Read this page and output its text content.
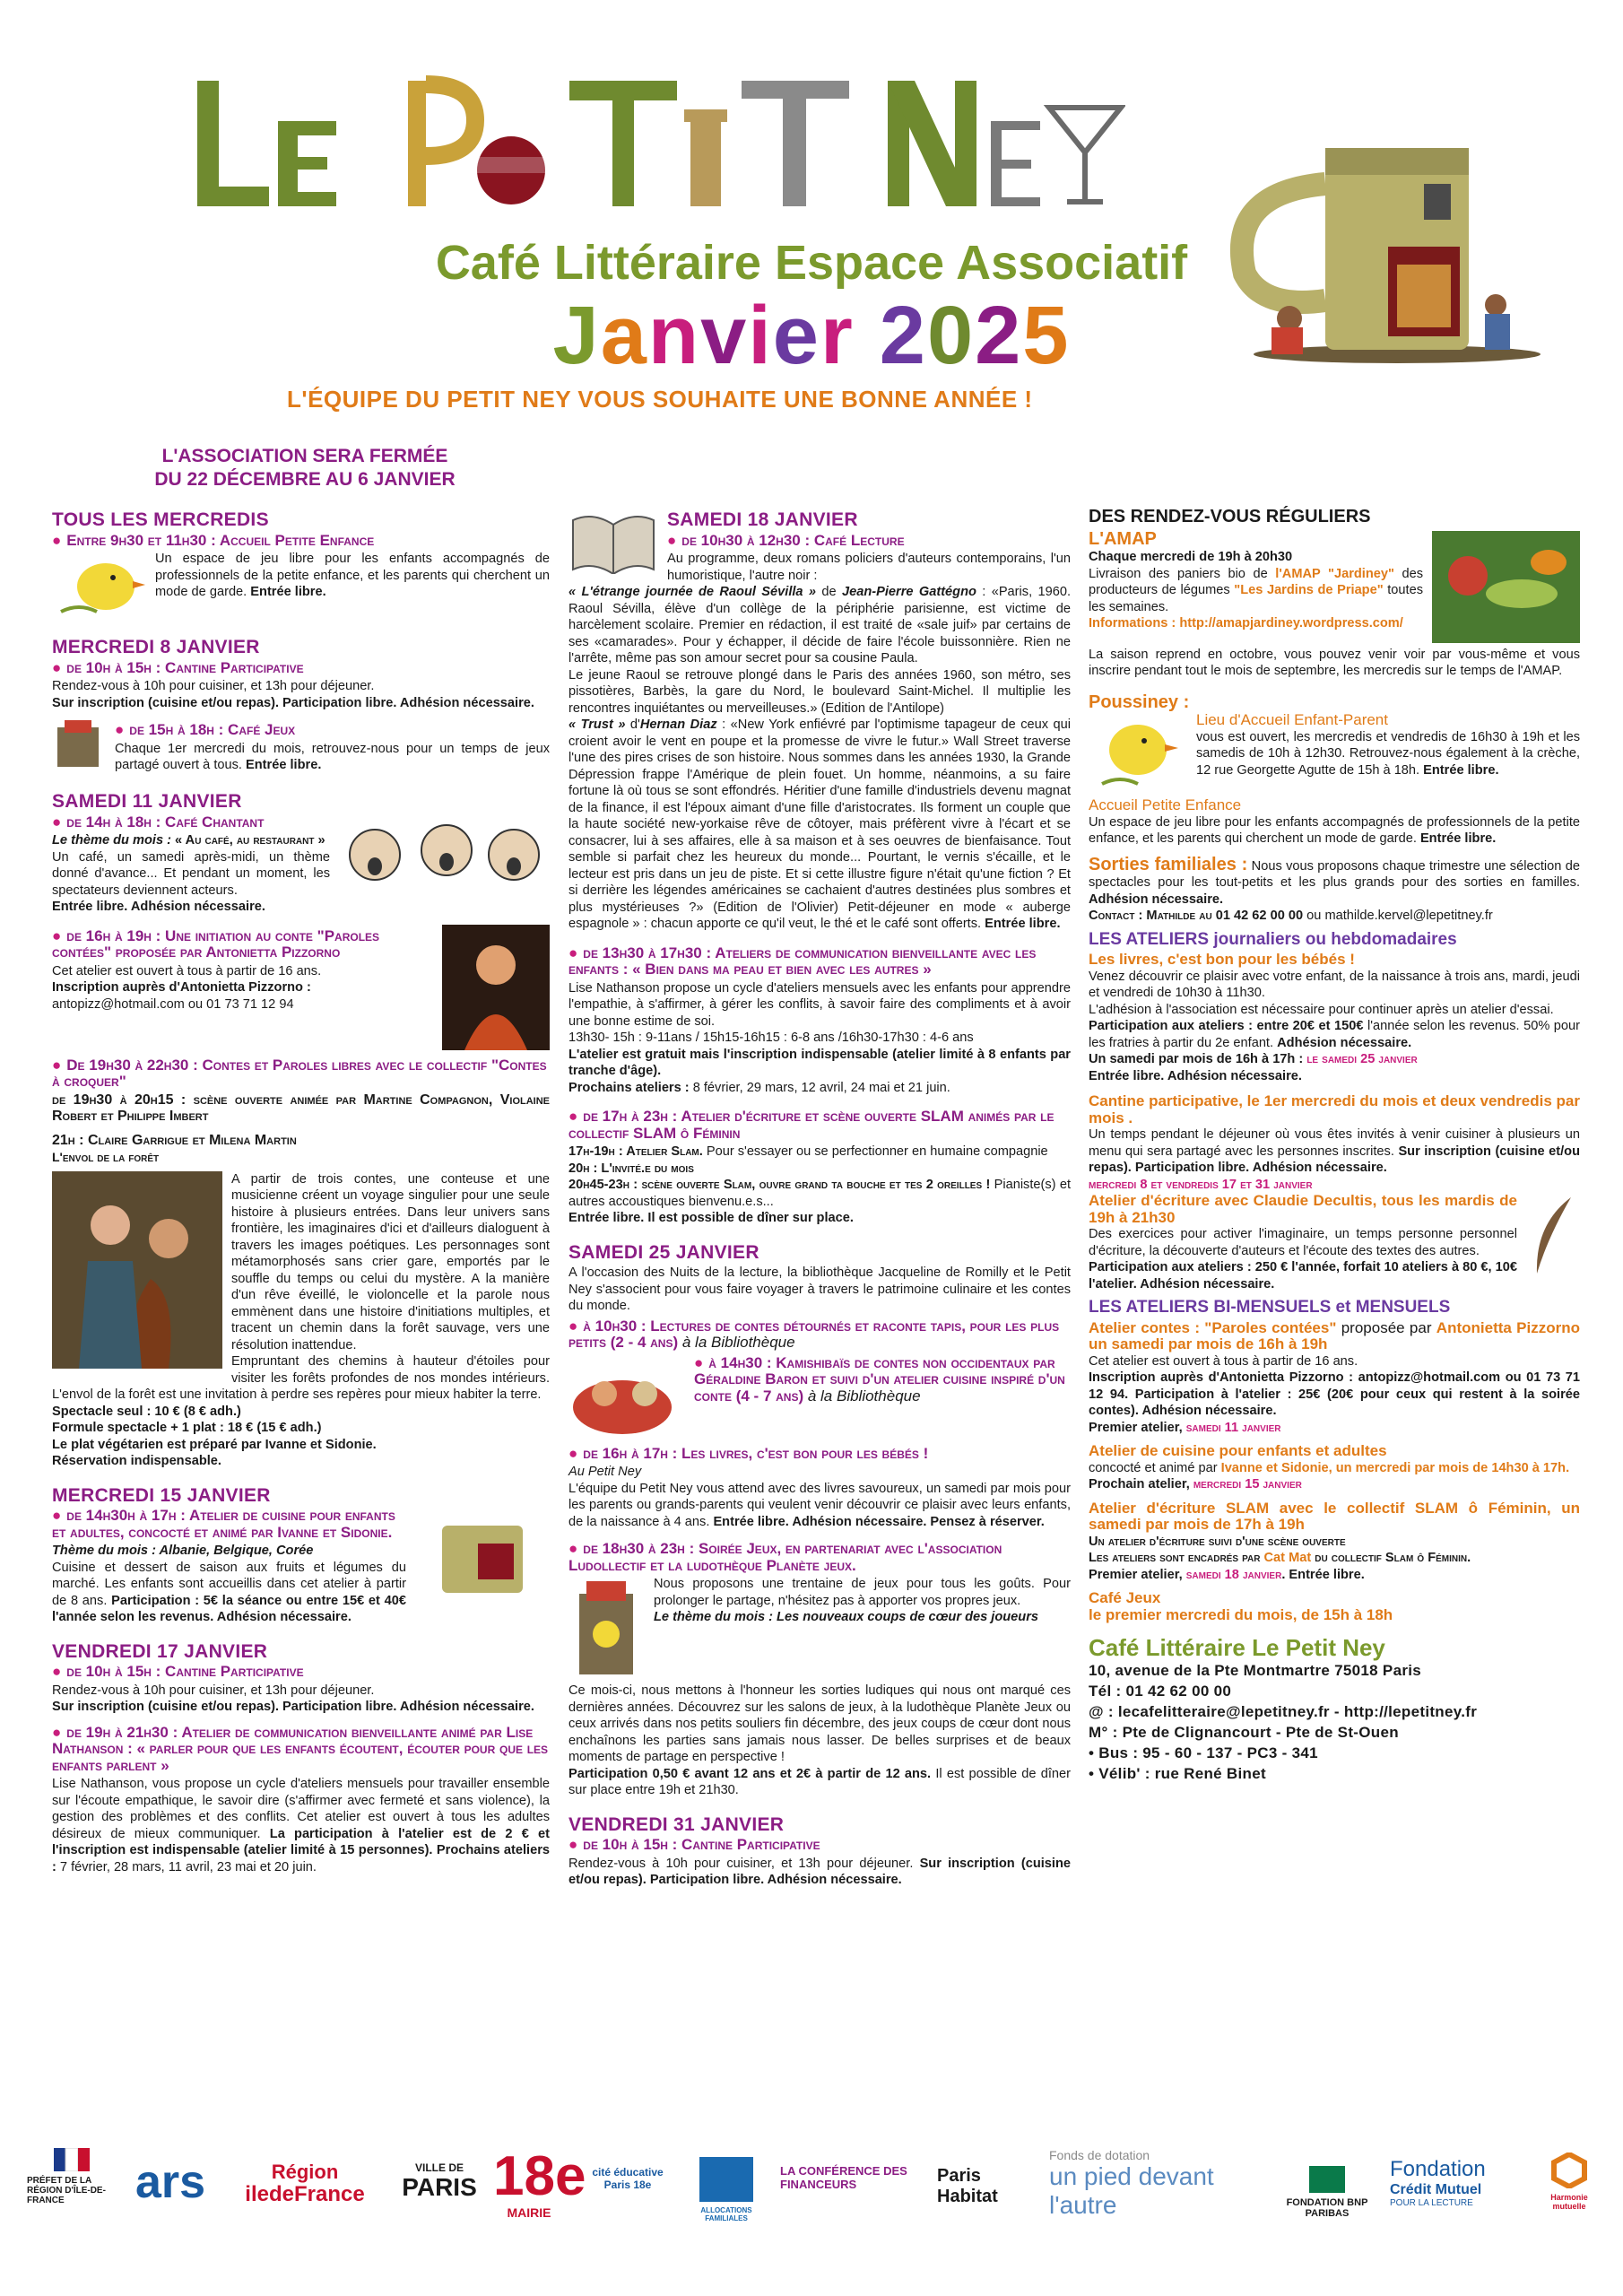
Café Littéraire Espace Associatif
Janvier 2025
L'ÉQUIPE DU PETIT NEY VOUS SOUHAITE UNE BONNE ANNÉE !
L'ASSOCIATION SERA FERMÉE
DU 22 DÉCEMBRE AU 6 JANVIER
TOUS LES MERCREDIS
● Entre 9h30 et 11h30 : Accueil Petite Enfance

Un espace de jeu libre pour les enfants accompagnés de professionnels de la petite enfance, et les parents qui cherchent un mode de garde. Entrée libre.

MERCREDI 8 JANVIER
● de 10h à 15h : Cantine Participative

Rendez-vous à 10h pour cuisiner, et 13h pour déjeuner.

Sur inscription (cuisine et/ou repas). Participation libre. Adhésion nécessaire.

● de 15h à 18h : Café Jeux

Chaque 1er mercredi du mois, retrouvez-nous pour un temps de jeux partagé ouvert à tous. Entrée libre.

SAMEDI 11 JANVIER
● de 14h à 18h : Café Chantant

Le thème du mois : « Au café, au restaurant »

Un café, un samedi après-midi, un thème donné d'avance... Et pendant un moment, les spectateurs deviennent acteurs.

Entrée libre. Adhésion nécessaire.

● de 16h à 19h : Une initiation au conte "Paroles contées" proposée par Antonietta Pizzorno

Cet atelier est ouvert à tous à partir de 16 ans.

Inscription auprès d'Antonietta Pizzorno :

antopizz@hotmail.com ou 01 73 71 12 94

● De 19h30 à 22h30 : Contes et Paroles libres avec le collectif "Contes à croquer"

de 19h30 à 20h15 : scène ouverte animée par Martine Compagnon, Violaine Robert et Philippe Imbert

21h : Claire Garrigue et Milena Martin

L'envol de la forêt

A partir de trois contes, une conteuse et une musicienne créent un voyage singulier pour une seule histoire à plusieurs entrées. Dans leur univers sans frontière, les imaginaires d'ici et d'ailleurs dialoguent à travers les images poétiques. Les personnages sont métamorphosés sans crier gare, emportés par le souffle du temps ou celui du mystère. A la manière d'un rêve éveillé, le violoncelle et la parole nous emmènent dans une histoire d'initiations multiples, et tracent un chemin dans la forêt sauvage, vers une résolution inattendue.

Empruntant des chemins à hauteur d'étoiles pour visiter les forêts profondes de nos mondes intérieurs. L'envol de la forêt est une invitation à perdre ses repères pour mieux habiter la terre.

Spectacle seul : 10 € (8 € adh.)

Formule spectacle + 1 plat : 18 € (15 € adh.)

Le plat végétarien est préparé par Ivanne et Sidonie.

Réservation indispensable.

MERCREDI 15 JANVIER
● de 14h30h à 17h : Atelier de cuisine pour enfants et adultes, concocté et animé par Ivanne et Sidonie.

Thème du mois : Albanie, Belgique, Corée

Cuisine et dessert de saison aux fruits et légumes du marché. Les enfants sont accueillis dans cet atelier à partir de 8 ans. Participation : 5€ la séance ou entre 15€ et 40€ l'année selon les revenus. Adhésion nécessaire.

VENDREDI 17 JANVIER
● de 10h à 15h : Cantine Participative

Rendez-vous à 10h pour cuisiner, et 13h pour déjeuner.

Sur inscription (cuisine et/ou repas). Participation libre. Adhésion nécessaire.

● de 19h à 21h30 : Atelier de communication bienveillante animé par Lise Nathanson : « parler pour que les enfants écoutent, écouter pour que les enfants parlent »

Lise Nathanson, vous propose un cycle d'ateliers mensuels pour travailler ensemble sur l'écoute empathique, le savoir dire (s'affirmer avec fermeté et sans violence), la gestion des problèmes et des conflits. Cet atelier est ouvert à tous les adultes désireux de mieux communiquer. La participation à l'atelier est de 2 € et l'inscription est indispensable (atelier limité à 15 personnes). Prochains ateliers : 7 février, 28 mars, 11 avril, 23 mai et 20 juin.

SAMEDI 18 JANVIER
● de 10h30 à 12h30 : Café Lecture

Au programme, deux romans policiers d'auteurs contemporains, l'un humoristique, l'autre noir :

« L'étrange journée de Raoul Sévilla » de Jean-Pierre Gattégno : «Paris, 1960. Raoul Sévilla, élève d'un collège de la périphérie parisienne, est victime de harcèlement scolaire. Premier en rédaction, il est traité de «sale juif» par certains de ses «camarades». Pour y échapper, il décide de faire l'école buissonnière. Rien ne l'arrête, même pas son amour secret pour sa cousine Paula.

Le jeune Raoul se retrouve plongé dans le Paris des années 1960, son métro, ses pissotières, Barbès, la gare du Nord, le boulevard Saint-Michel. Il multiplie les rencontres inquiétantes ou merveilleuses.» (Edition de l'Antilope)

« Trust » d'Hernan Diaz : «New York enfiévré par l'optimisme tapageur de ceux qui croient avoir le vent en poupe et la promesse de vivre le futur.» Wall Street traverse l'une des pires crises de son histoire. Nous sommes dans les années 1930, la Grande Dépression frappe l'Amérique de plein fouet. Un homme, néanmoins, a su faire fortune là où tous se sont effondrés. Héritier d'une famille d'industriels devenu magnat de la finance, il est l'époux aimant d'une fille d'aristocrates. Ils forment un couple que la haute société new-yorkaise rêve de côtoyer, mais préfèrent vivre à l'écart et se consacrer, lui à ses affaires, elle à sa maison et à ses oeuvres de bienfaisance. Tout semble si parfait chez les heureux du monde... Pourtant, le vernis s'écaille, et le lecteur est pris dans un jeu de piste. Et si cette illustre figure n'était qu'une fiction ? Et si derrière les légendes américaines se cachaient d'autres destinées plus sombres et plus mystérieuses ?» (Edition de l'Olivier) Petit-déjeuner en mode « auberge espagnole » : chacun apporte ce qu'il veut, le thé et le café sont offerts. Entrée libre.

● de 13h30 à 17h30 : Ateliers de communication bienveillante avec les enfants : « Bien dans ma peau et bien avec les autres »

Lise Nathanson propose un cycle d'ateliers mensuels avec les enfants pour apprendre l'empathie, à s'affirmer, à gérer les conflits, à savoir faire des compliments et à avoir une bonne estime de soi.

13h30- 15h : 9-11ans / 15h15-16h15 : 6-8 ans /16h30-17h30 : 4-6 ans

L'atelier est gratuit mais l'inscription indispensable (atelier limité à 8 enfants par tranche d'âge).

Prochains ateliers : 8 février, 29 mars, 12 avril, 24 mai et 21 juin.

● de 17h à 23h : Atelier d'écriture et scène ouverte SLAM animés par le collectif SLAM ô Féminin

17h-19h : Atelier Slam. Pour s'essayer ou se perfectionner en humaine compagnie

20h : L'invité.e du mois

20h45-23h : scène ouverte Slam, ouvre grand ta bouche et tes 2 oreilles ! Pianiste(s) et autres accoustiques bienvenu.e.s...

Entrée libre. Il est possible de dîner sur place.

SAMEDI 25 JANVIER

A l'occasion des Nuits de la lecture, la bibliothèque Jacqueline de Romilly et le Petit Ney s'associent pour vous faire voyager à travers le patrimoine culinaire et les contes du monde.

● à 10h30 : Lectures de contes détournés et raconte tapis, pour les plus petits (2 - 4 ans) à la Bibliothèque
● à 14h30 : Kamishibaïs de contes non occidentaux par Géraldine Baron et suivi d'un atelier cuisine inspiré d'un conte (4 - 7 ans) à la Bibliothèque
● de 16h à 17h : Les livres, c'est bon pour les bébés !

Au Petit Ney

L'équipe du Petit Ney vous attend avec des livres savoureux, un samedi par mois pour les parents ou grands-parents qui veulent venir découvrir ce plaisir avec leurs enfants, de la naissance à 4 ans. Entrée libre. Adhésion nécessaire. Pensez à réserver.

● de 18h30 à 23h : Soirée Jeux, en partenariat avec l'association Ludollectif et la ludothèque Planète jeux.

Nous proposons une trentaine de jeux pour tous les goûts. Pour prolonger le partage, n'hésitez pas à apporter vos propres jeux.

Le thème du mois : Les nouveaux coups de cœur des joueurs

Ce mois-ci, nous mettons à l'honneur les sorties ludiques qui nous ont marqué ces dernières années. Découvrez sur les salons de jeux, à la ludothèque Planète Jeux ou ceux arrivés dans nos petits souliers fin décembre, des jeux coups de cœur dont nous enchaînons les parties sans jamais nous lasser. De belles surprises et de beaux moments de partage en perspective !

Participation 0,50 € avant 12 ans et 2€ à partir de 12 ans. Il est possible de dîner sur place entre 19h et 21h30.

VENDREDI 31 JANVIER
● de 10h à 15h : Cantine Participative

Rendez-vous à 10h pour cuisiner, et 13h pour déjeuner. Sur inscription (cuisine et/ou repas). Participation libre. Adhésion nécessaire.

DES RENDEZ-VOUS RÉGULIERS
L'AMAP

Chaque mercredi de 19h à 20h30

Livraison des paniers bio de l'AMAP "Jardiney" des producteurs de légumes "Les Jardins de Priape" toutes les semaines.

Informations : http://amapjardiney.wordpress.com/

La saison reprend en octobre, vous pouvez venir voir par vous-même et vous inscrire pendant tout le mois de septembre, les mercredis sur le temps de l'AMAP.

Poussiney :

Lieu d'Accueil Enfant-Parent

vous est ouvert, les mercredis et vendredis de 16h30 à 19h et les samedis de 10h à 12h30. Retrouvez-nous également à la crèche, 12 rue Georgette Agutte de 15h à 18h. Entrée libre.

Accueil Petite Enfance

Un espace de jeu libre pour les enfants accompagnés de professionnels de la petite enfance, et les parents qui cherchent un mode de garde. Entrée libre.

Sorties familiales : Nous vous proposons chaque trimestre une sélection de spectacles pour les tout-petits et les plus grands pour des sorties en familles. Adhésion nécessaire.

Contact : Mathilde au 01 42 62 00 00 ou mathilde.kervel@lepetitney.fr

LES ATELIERS journaliers ou hebdomadaires

Les livres, c'est bon pour les bébés !

Venez découvrir ce plaisir avec votre enfant, de la naissance à trois ans, mardi, jeudi et vendredi de 10h30 à 11h30.

L'adhésion à l'association est nécessaire pour continuer après un atelier d'essai.

Participation aux ateliers : entre 20€ et 150€ l'année selon les revenus. 50% pour les fratries à partir du 2e enfant. Adhésion nécessaire.

Un samedi par mois de 16h à 17h : le samedi 25 janvier

Entrée libre. Adhésion nécessaire.

Cantine participative, le 1er mercredi du mois et deux vendredis par mois .

Un temps pendant le déjeuner où vous êtes invités à venir cuisiner à plusieurs un menu qui sera partagé avec les personnes inscrites. Sur inscription (cuisine et/ou repas). Participation libre. Adhésion nécessaire.

mercredi 8 et vendredis 17 et 31 janvier

Atelier d'écriture avec Claudie Decultis, tous les mardis de 19h à 21h30

Des exercices pour activer l'imaginaire, un temps personne personnel d'écriture, la découverte d'auteurs et l'écoute des textes des autres.

Participation aux ateliers : 250 € l'année, forfait 10 ateliers à 80 €, 10€ l'atelier. Adhésion nécessaire.

LES ATELIERS BI-MENSUELS et MENSUELS

Atelier contes : "Paroles contées" proposée par Antonietta Pizzorno un samedi par mois de 16h à 19h

Cet atelier est ouvert à tous à partir de 16 ans.

Inscription auprès d'Antonietta Pizzorno : antopizz@hotmail.com ou 01 73 71 12 94. Participation à l'atelier : 25€ (20€ pour ceux qui restent à la soirée contes). Adhésion nécessaire.

Premier atelier, samedi 11 janvier

Atelier de cuisine pour enfants et adultes

concocté et animé par Ivanne et Sidonie, un mercredi par mois de 14h30 à 17h.

Prochain atelier, mercredi 15 janvier

Atelier d'écriture SLAM avec le collectif SLAM ô Féminin, un samedi par mois de 17h à 19h

Un atelier d'écriture suivi d'une scène ouverte

Les ateliers sont encadrés par Cat Mat du collectif Slam ô Féminin.

Premier atelier, samedi 18 janvier. Entrée libre.

Café Jeux

le premier mercredi du mois, de 15h à 18h

Café Littéraire Le Petit Ney

10, avenue de la Pte Montmartre 75018 Paris

Tél : 01 42 62 00 00

@ : lecafelitteraire@lepetitney.fr - http://lepetitney.fr

M° : Pte de Clignancourt - Pte de St-Ouen

• Bus : 95 - 60 - 137 - PC3 - 341

• Vélib' : rue René Binet

PRÉFET DE LA RÉGION D'ÎLE-DE-FRANCE	ars	Région
iledeFrance
VILLE DE
PARIS 18e
MAIRIE
cité éducative Paris 18e
ALLOCATIONS FAMILIALES
LA CONFÉRENCE DES FINANCEURS	Paris Habitat
Fonds de dotation
un pied devant l'autre	FONDATION BNP PARIBAS
Fondation
Crédit Mutuel
POUR LA LECTURE
Harmonie mutuelle
